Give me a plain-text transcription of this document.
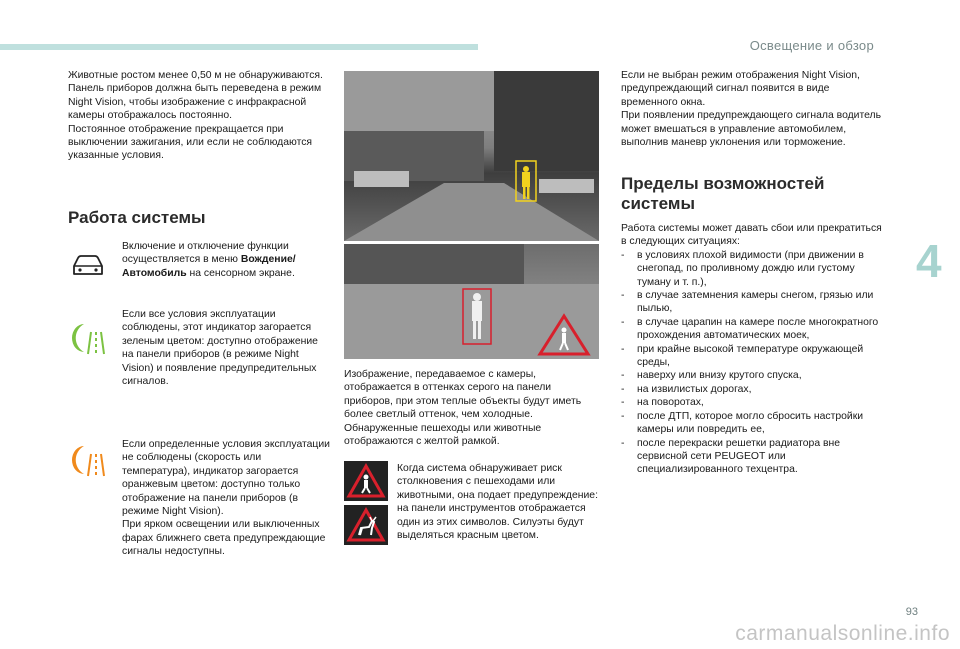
Освещение и обзор
4
Животные ростом менее 0,50 м не обнаруживаются.
Панель приборов должна быть переведена в режим Night Vision, чтобы изображение с инфракрасной камеры отображалось постоянно.
Постоянное отображение прекращается при выключении зажигания, или если не соблюдаются указанные условия.
Работа системы
Включение и отключение функции осуществляется в меню Вождение/ Автомобиль на сенсорном экране.
Если все условия эксплуатации соблюдены, этот индикатор загорается зеленым цветом: доступно отображение на панели приборов (в режиме Night Vision) и появление предупредительных сигналов.
Если определенные условия эксплуатации не соблюдены (скорость или температура), индикатор загорается оранжевым цветом: доступно только отображение на панели приборов (в режиме Night Vision).
При ярком освещении или выключенных фарах ближнего света предупреждающие сигналы недоступны.
Изображение, передаваемое с камеры, отображается в оттенках серого на панели приборов, при этом теплые объекты будут иметь более светлый оттенок, чем холодные.
Обнаруженные пешеходы или животные отображаются с желтой рамкой.
Когда система обнаруживает риск столкновения с пешеходами или животными, она подает предупреждение: на панели инструментов отображается один из этих символов. Силуэты будут выделяться красным цветом.
Если не выбран режим отображения Night Vision, предупреждающий сигнал появится в виде временного окна.
При появлении предупреждающего сигнала водитель может вмешаться в управление автомобилем, выполнив маневр уклонения или торможение.
Пределы возможностей системы
Работа системы может давать сбои или прекратиться в следующих ситуациях:
- в условиях плохой видимости (при движении в снегопад, по проливному дождю или густому туману и т. п.),
- в случае затемнения камеры снегом, грязью или пылью,
- в случае царапин на камере после многократного прохождения автоматических моек,
- при крайне высокой температуре окружающей среды,
- наверху или внизу крутого спуска,
- на извилистых дорогах,
- на поворотах,
- после ДТП, которое могло сбросить настройки камеры или повредить ее,
- после перекраски решетки радиатора вне сервисной сети PEUGEOT или специализированного техцентра.
93
carmanualsonline.info
